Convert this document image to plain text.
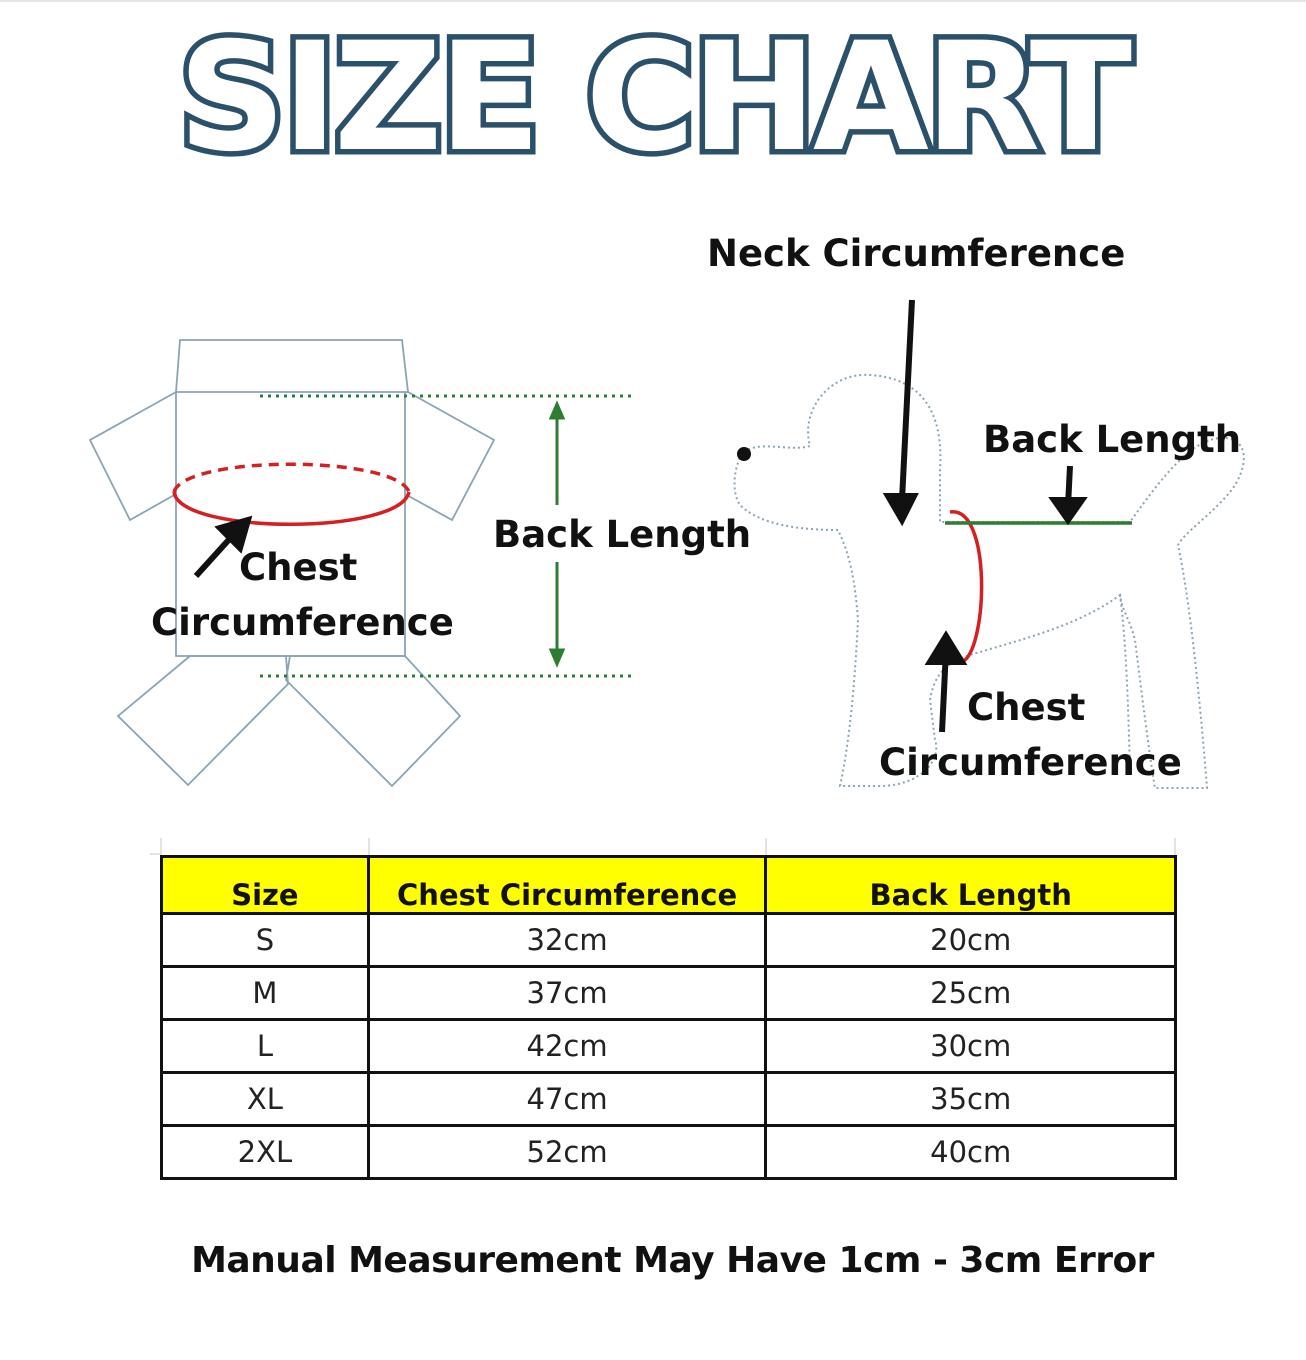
SIZE CHART
Chest
Circumference
Back Length
Neck Circumference
Back Length
Chest
Circumference
Size	Chest Circumference	Back Length
S	32cm	20cm
M	37cm	25cm
L	42cm	30cm
XL	47cm	35cm
2XL	52cm	40cm
Manual Measurement May Have 1cm - 3cm Error
